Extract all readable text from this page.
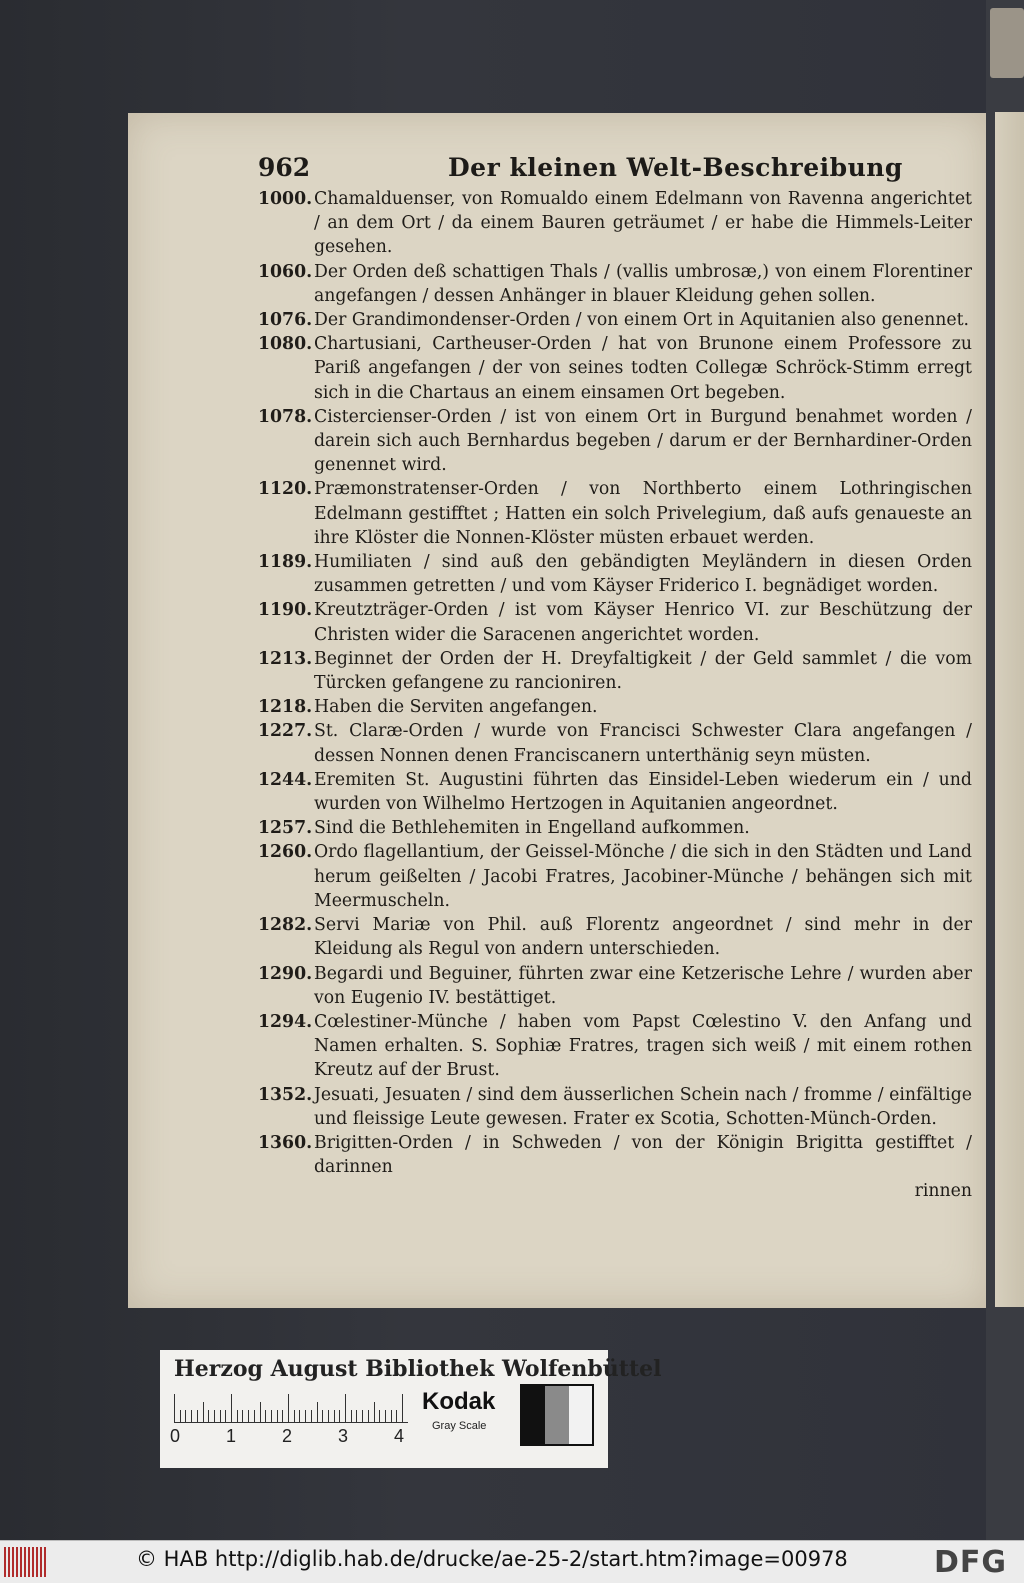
962	Der kleinen Welt-Beschreibung
1000. Chamalduenser, von Romualdo einem Edelmann von Ravenna angerichtet / an dem Ort / da einem Bauren geträumet / er habe die Himmels-Leiter gesehen.
1060. Der Orden deß schattigen Thals / (vallis umbrosæ,) von einem Florentiner angefangen / dessen Anhänger in blauer Kleidung gehen sollen.
1076. Der Grandimondenser-Orden / von einem Ort in Aquitanien also genennet.
1080. Chartusiani, Cartheuser-Orden / hat von Brunone einem Professore zu Pariß angefangen / der von seines todten Collegæ Schröck-Stimm erregt sich in die Chartaus an einem einsamen Ort begeben.
1078. Cistercienser-Orden / ist von einem Ort in Burgund benahmet worden / darein sich auch Bernhardus begeben / darum er der Bernhardiner-Orden genennet wird.
1120. Præmonstratenser-Orden / von Northberto einem Lothringischen Edelmann gestifftet ; Hatten ein solch Privelegium, daß aufs genaueste an ihre Klöster die Nonnen-Klöster müsten erbauet werden.
1189. Humiliaten / sind auß den gebändigten Meyländern in diesen Orden zusammen getretten / und vom Käyser Friderico I. begnädiget worden.
1190. Kreutzträger-Orden / ist vom Käyser Henrico VI. zur Beschützung der Christen wider die Saracenen angerichtet worden.
1213. Beginnet der Orden der H. Dreyfaltigkeit / der Geld sammlet / die vom Türcken gefangene zu rancioniren.
1218. Haben die Serviten angefangen.
1227. St. Claræ-Orden / wurde von Francisci Schwester Clara angefangen / dessen Nonnen denen Franciscanern unterthänig seyn müsten.
1244. Eremiten St. Augustini führten das Einsidel-Leben wiederum ein / und wurden von Wilhelmo Hertzogen in Aquitanien angeordnet.
1257. Sind die Bethlehemiten in Engelland aufkommen.
1260. Ordo flagellantium, der Geissel-Mönche / die sich in den Städten und Land herum geißelten / Jacobi Fratres, Jacobiner-Münche / behängen sich mit Meermuscheln.
1282. Servi Mariæ von Phil. auß Florentz angeordnet / sind mehr in der Kleidung als Regul von andern unterschieden.
1290. Begardi und Beguiner, führten zwar eine Ketzerische Lehre / wurden aber von Eugenio IV. bestättiget.
1294. Cœlestiner-Münche / haben vom Papst Cœlestino V. den Anfang und Namen erhalten. S. Sophiæ Fratres, tragen sich weiß / mit einem rothen Kreutz auf der Brust.
1352. Jesuati, Jesuaten / sind dem äusserlichen Schein nach / fromme / einfältige und fleissige Leute gewesen. Frater ex Scotia, Schotten-Münch-Orden.
1360. Brigitten-Orden / in Schweden / von der Königin Brigitta gestifftet / darinnen
rinnen
Herzog August Bibliothek Wolfenbüttel
0	1	2	3	4
Kodak
Gray Scale
© HAB http://diglib.hab.de/drucke/ae-25-2/start.htm?image=00978	DFG
